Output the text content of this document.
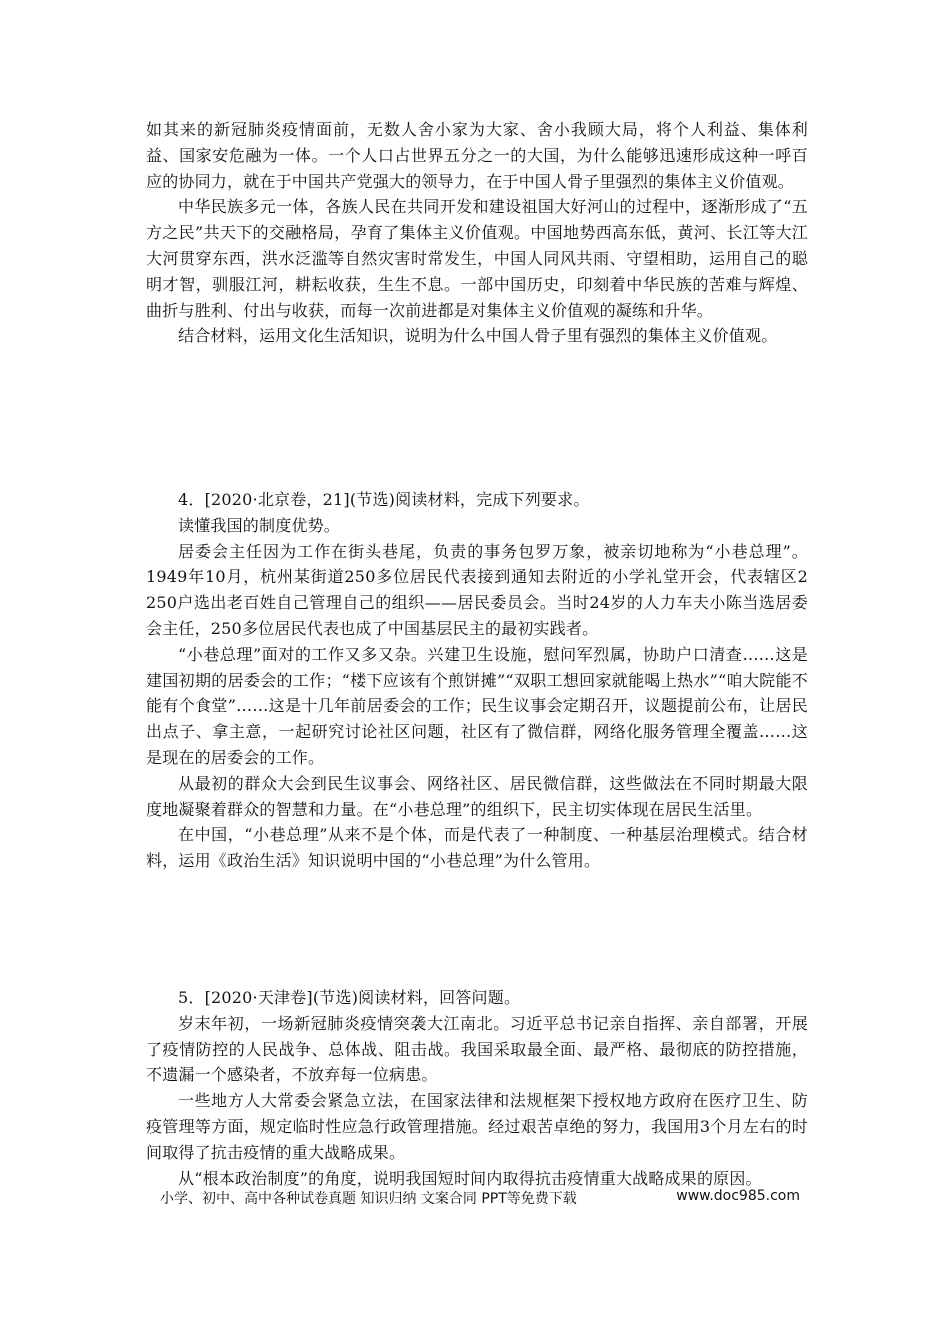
如其来的新冠肺炎疫情面前，无数人舍小家为大家、舍小我顾大局，将个人利益、集体利益、国家安危融为一体。一个人口占世界五分之一的大国，为什么能够迅速形成这种一呼百应的协同力，就在于中国共产党强大的领导力，在于中国人骨子里强烈的集体主义价值观。

中华民族多元一体，各族人民在共同开发和建设祖国大好河山的过程中，逐渐形成了“五方之民”共天下的交融格局，孕育了集体主义价值观。中国地势西高东低，黄河、长江等大江大河贯穿东西，洪水泛滥等自然灾害时常发生，中国人同风共雨、守望相助，运用自己的聪明才智，驯服江河，耕耘收获，生生不息。一部中国历史，印刻着中华民族的苦难与辉煌、曲折与胜利、付出与收获，而每一次前进都是对集体主义价值观的凝练和升华。

结合材料，运用文化生活知识，说明为什么中国人骨子里有强烈的集体主义价值观。

4．[2020·北京卷，21](节选)阅读材料，完成下列要求。

读懂我国的制度优势。

居委会主任因为工作在街头巷尾，负责的事务包罗万象，被亲切地称为“小巷总理”。1949年10月，杭州某街道250多位居民代表接到通知去附近的小学礼堂开会，代表辖区2 250户选出老百姓自己管理自己的组织——居民委员会。当时24岁的人力车夫小陈当选居委会主任，250多位居民代表也成了中国基层民主的最初实践者。

“小巷总理”面对的工作又多又杂。兴建卫生设施，慰问军烈属，协助户口清查……这是建国初期的居委会的工作；“楼下应该有个煎饼摊”“双职工想回家就能喝上热水”“咱大院能不能有个食堂”……这是十几年前居委会的工作；民生议事会定期召开，议题提前公布，让居民出点子、拿主意，一起研究讨论社区问题，社区有了微信群，网络化服务管理全覆盖……这是现在的居委会的工作。

从最初的群众大会到民生议事会、网络社区、居民微信群，这些做法在不同时期最大限度地凝聚着群众的智慧和力量。在“小巷总理”的组织下，民主切实体现在居民生活里。

在中国，“小巷总理”从来不是个体，而是代表了一种制度、一种基层治理模式。结合材料，运用《政治生活》知识说明中国的“小巷总理”为什么管用。

5．[2020·天津卷](节选)阅读材料，回答问题。

岁末年初，一场新冠肺炎疫情突袭大江南北。习近平总书记亲自指挥、亲自部署，开展了疫情防控的人民战争、总体战、阻击战。我国采取最全面、最严格、最彻底的防控措施，不遗漏一个感染者，不放弃每一位病患。

一些地方人大常委会紧急立法，在国家法律和法规框架下授权地方政府在医疗卫生、防疫管理等方面，规定临时性应急行政管理措施。经过艰苦卓绝的努力，我国用3个月左右的时间取得了抗击疫情的重大战略成果。

从“根本政治制度”的角度，说明我国短时间内取得抗击疫情重大战略成果的原因。

小学、初中、高中各种试卷真题 知识归纳 文案合同 PPT等免费下载	www.doc985.com
